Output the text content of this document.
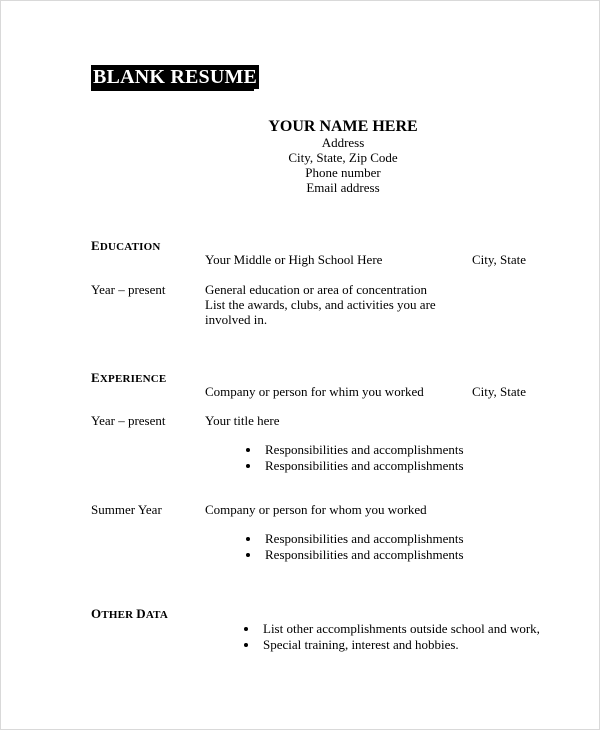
BLANK RESUME
YOUR NAME HERE
Address
City, State, Zip Code
Phone number
Email address
EDUCATION
Your Middle or High School Here	City, State
Year – present	General education or area of concentration
List the awards, clubs, and activities you are
involved in.
EXPERIENCE
Company or person for whim you worked	City, State
Year – present	Your title here
Responsibilities and accomplishments
Responsibilities and accomplishments
Summer Year	Company or person for whom you worked
Responsibilities and accomplishments
Responsibilities and accomplishments
OTHER DATA
List other accomplishments outside school and work,
Special training, interest and hobbies.
